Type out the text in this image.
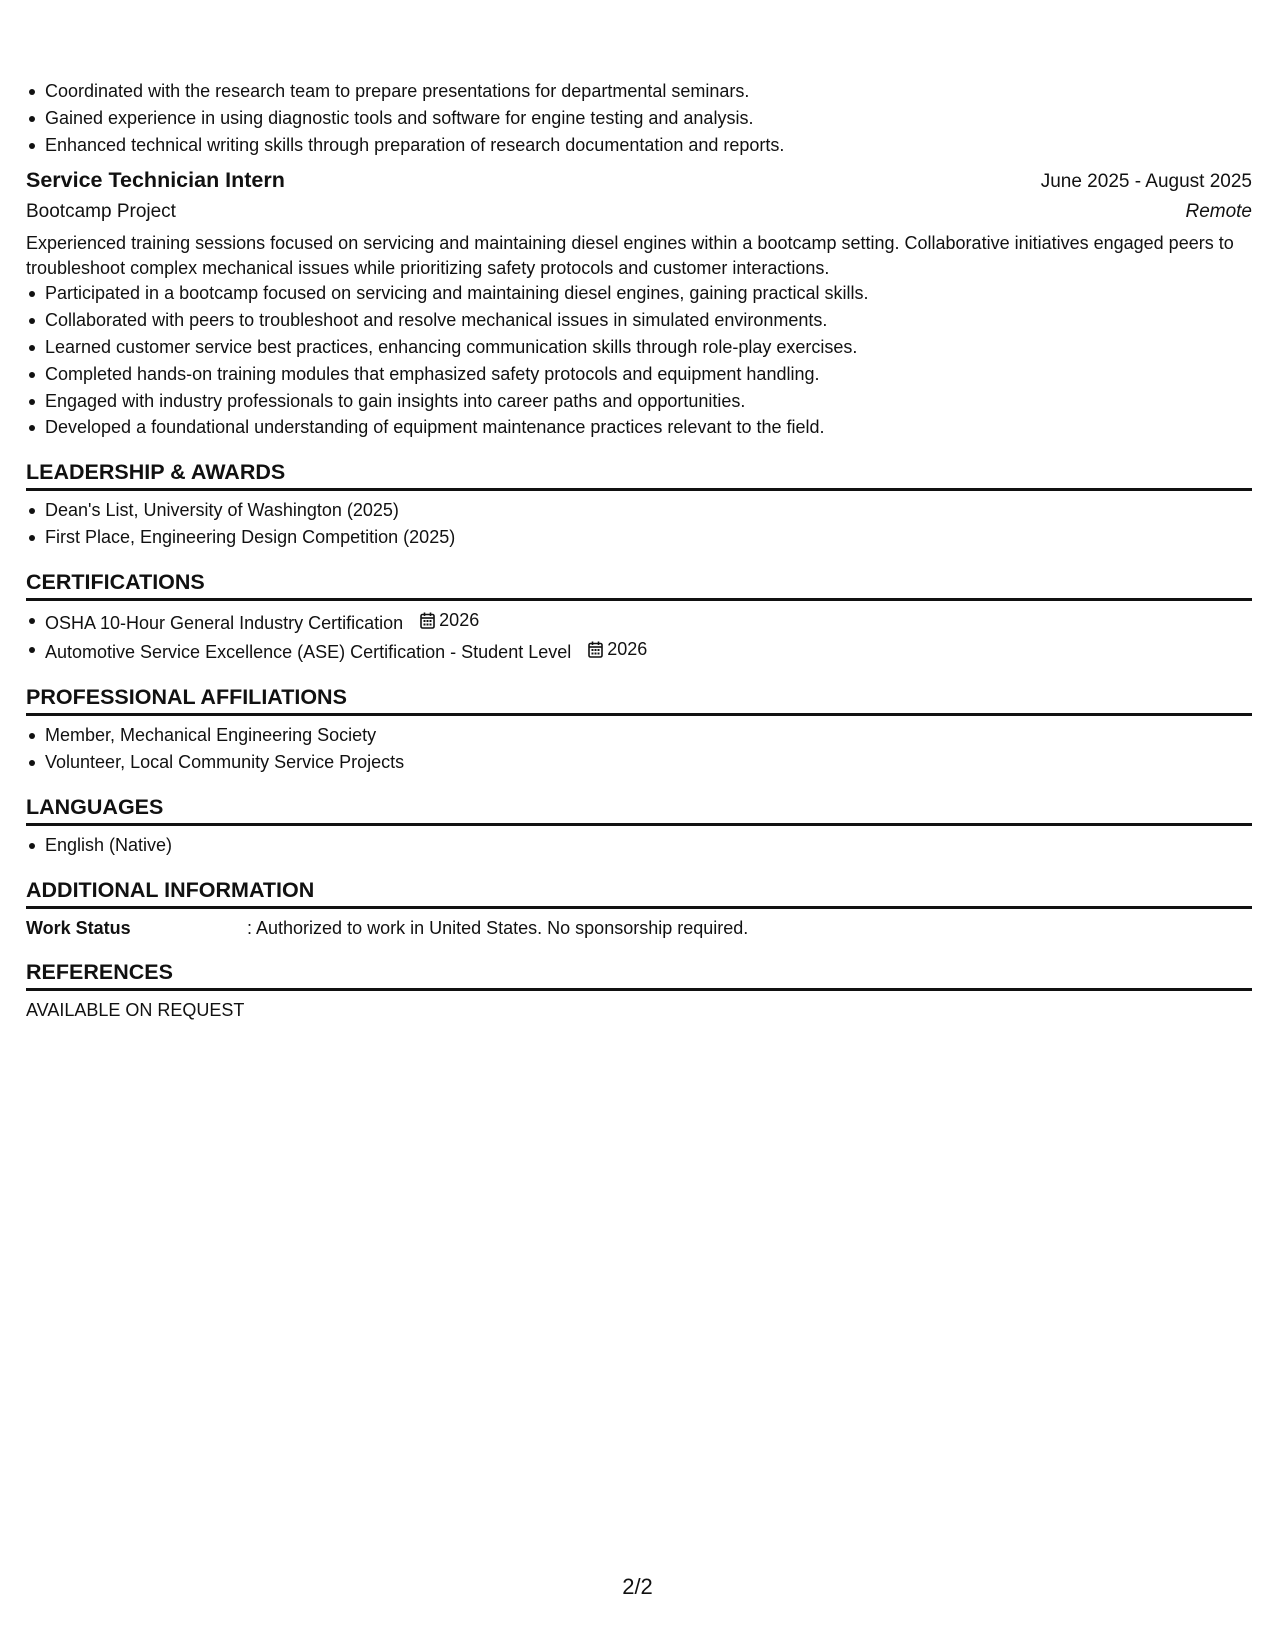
Coordinated with the research team to prepare presentations for departmental seminars.
Gained experience in using diagnostic tools and software for engine testing and analysis.
Enhanced technical writing skills through preparation of research documentation and reports.
Service Technician Intern	June 2025 - August 2025
Bootcamp Project	Remote
Experienced training sessions focused on servicing and maintaining diesel engines within a bootcamp setting. Collaborative initiatives engaged peers to troubleshoot complex mechanical issues while prioritizing safety protocols and customer interactions.
Participated in a bootcamp focused on servicing and maintaining diesel engines, gaining practical skills.
Collaborated with peers to troubleshoot and resolve mechanical issues in simulated environments.
Learned customer service best practices, enhancing communication skills through role-play exercises.
Completed hands-on training modules that emphasized safety protocols and equipment handling.
Engaged with industry professionals to gain insights into career paths and opportunities.
Developed a foundational understanding of equipment maintenance practices relevant to the field.
LEADERSHIP & AWARDS
Dean's List, University of Washington (2025)
First Place, Engineering Design Competition (2025)
CERTIFICATIONS
OSHA 10-Hour General Industry Certification 2026
Automotive Service Excellence (ASE) Certification - Student Level 2026
PROFESSIONAL AFFILIATIONS
Member, Mechanical Engineering Society
Volunteer, Local Community Service Projects
LANGUAGES
English (Native)
ADDITIONAL INFORMATION
Work Status	: Authorized to work in United States. No sponsorship required.
REFERENCES
AVAILABLE ON REQUEST
2/2
